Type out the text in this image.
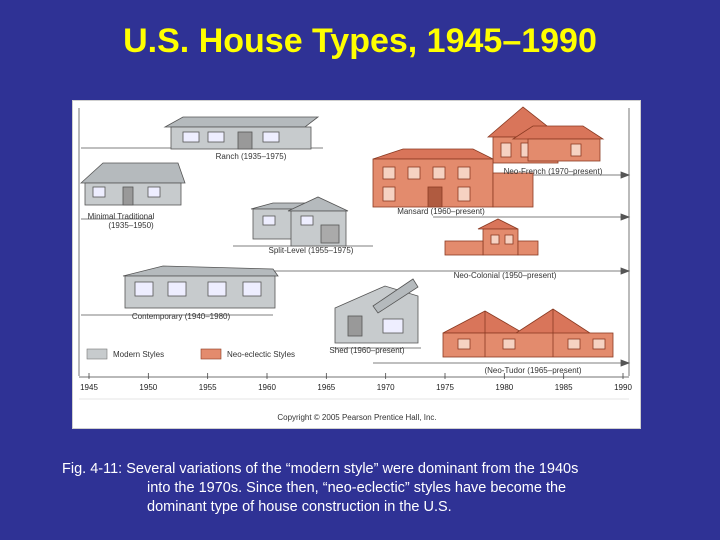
U.S. House Types, 1945–1990
Ranch (1935–1975)
Neo-French (1970–present)
Minimal Traditional
(1935–1950)
Mansard (1960–present)
Split-Level (1955–1975)
Neo-Colonial (1950–present)
Contemporary (1940–1980)
Shed (1960–present)
(Neo-Tudor (1965–present)
Modern Styles	Neo-eclectic Styles
1945	1950	1955	1960	1965	1970	1975	1980	1985	1990
Copyright © 2005 Pearson Prentice Hall, Inc.
Fig. 4-11: Several variations of the “modern style” were dominant from the 1940s
into the 1970s. Since then, “neo-eclectic” styles have become the
dominant type of house construction in the U.S.
